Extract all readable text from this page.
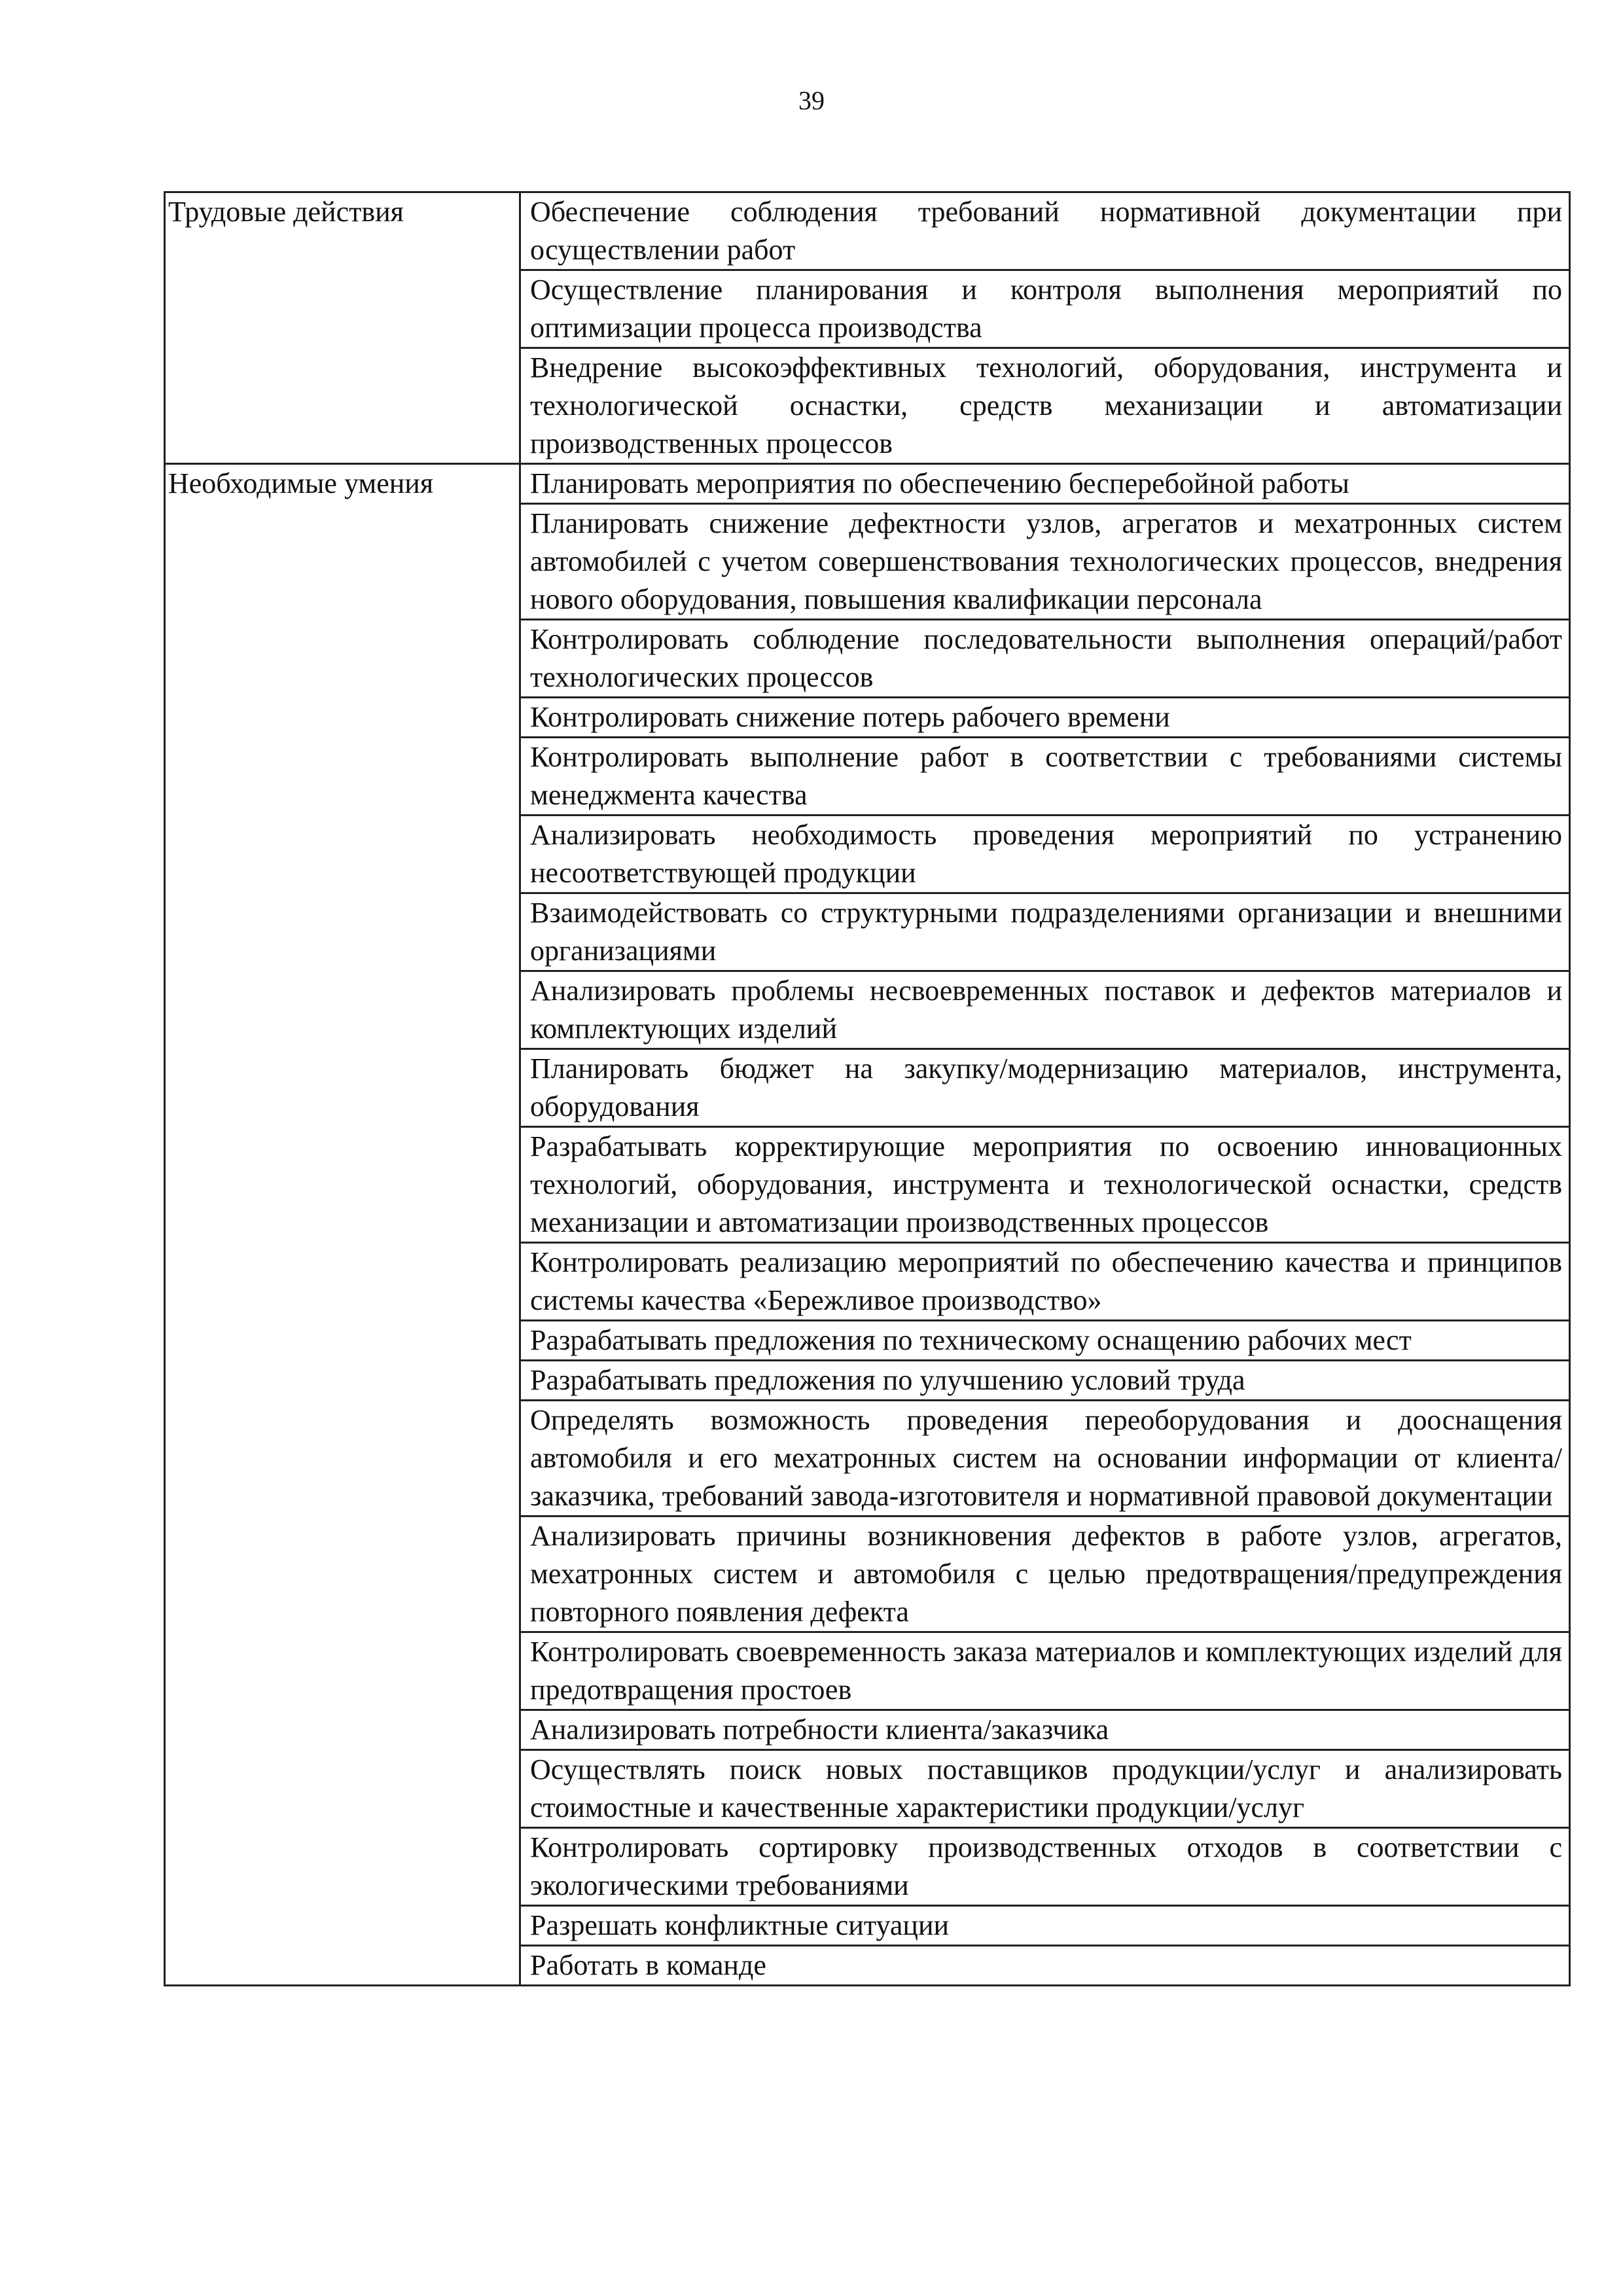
39
Трудовые действия	Обеспечение соблюдения требований нормативной документации при осуществлении работ
	Осуществление планирования и контроля выполнения мероприятий по оптимизации процесса производства
	Внедрение высокоэффективных технологий, оборудования, инструмента и технологической оснастки, средств механизации и автоматизации производственных процессов
Необходимые умения	Планировать мероприятия по обеспечению бесперебойной работы
	Планировать снижение дефектности узлов, агрегатов и мехатронных систем автомобилей с учетом совершенствования технологических процессов, внедрения нового оборудования, повышения квалификации персонала
	Контролировать соблюдение последовательности выполнения операций/работ технологических процессов
	Контролировать снижение потерь рабочего времени
	Контролировать выполнение работ в соответствии с требованиями системы менеджмента качества
	Анализировать необходимость проведения мероприятий по устранению несоответствующей продукции
	Взаимодействовать со структурными подразделениями организации и внешними организациями
	Анализировать проблемы несвоевременных поставок и дефектов материалов и комплектующих изделий
	Планировать бюджет на закупку/модернизацию материалов, инструмента, оборудования
	Разрабатывать корректирующие мероприятия по освоению инновационных технологий, оборудования, инструмента и технологической оснастки, средств механизации и автоматизации производственных процессов
	Контролировать реализацию мероприятий по обеспечению качества и принципов системы качества «Бережливое производство»
	Разрабатывать предложения по техническому оснащению рабочих мест
	Разрабатывать предложения по улучшению условий труда
	Определять возможность проведения переоборудования и дооснащения автомобиля и его мехатронных систем на основании информации от клиента/заказчика, требований завода-изготовителя и нормативной правовой документации
	Анализировать причины возникновения дефектов в работе узлов, агрегатов, мехатронных систем и автомобиля с целью предотвращения/предупреждения повторного появления дефекта
	Контролировать своевременность заказа материалов и комплектующих изделий для предотвращения простоев
	Анализировать потребности клиента/заказчика
	Осуществлять поиск новых поставщиков продукции/услуг и анализировать стоимостные и качественные характеристики продукции/услуг
	Контролировать сортировку производственных отходов в соответствии с экологическими требованиями
	Разрешать конфликтные ситуации
	Работать в команде
